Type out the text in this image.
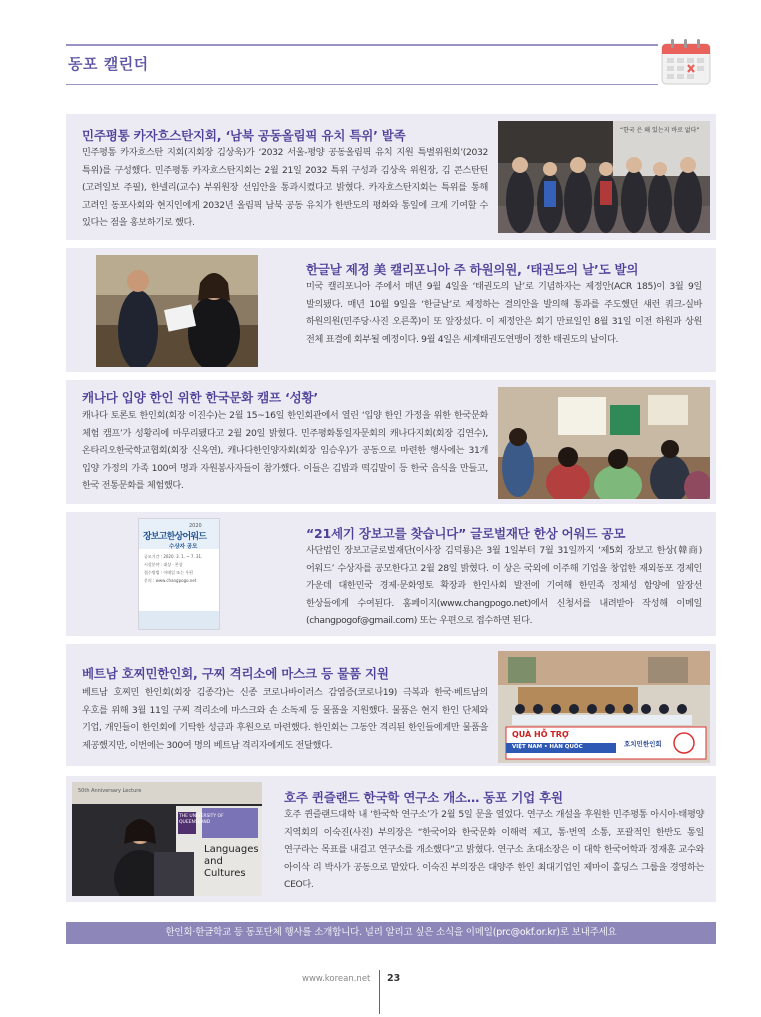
동포 캘린더
민주평통 카자흐스탄지회, ‘남북 공동올림픽 유치 특위’ 발족
민주평통 카자흐스탄 지회(지회장 김상욱)가 ‘2032 서울-평양 공동올림픽 유치 지원 특별위원회’(2032 특위)를 구성했다. 민주평통 카자흐스탄지회는 2월 21일 2032 특위 구성과 김상욱 위원장, 김 콘스탄틴(고려일보 주필), 한넬리(교수) 부위원장 선임안을 통과시켰다고 밝혔다. 카자흐스탄지회는 특위를 통해 고려인 동포사회와 현지인에게 2032년 올림픽 남북 공동 유치가 한반도의 평화와 통일에 크게 기여할 수 있다는 점을 홍보하기로 했다.
“한국 은 왜 있는지 바로 없다”
한글날 제정 美 캘리포니아 주 하원의원, ‘태권도의 날’도 발의
미국 캘리포니아 주에서 매년 9월 4일을 ‘태권도의 날’로 기념하자는 제정안(ACR 185)이 3월 9일 발의됐다. 매년 10월 9일을 ‘한글날’로 제정하는 결의안을 발의해 통과를 주도했던 섀런 쿼크-실바 하원의원(민주당·사진 오른쪽)이 또 앞장섰다. 이 제정안은 회기 만료일인 8월 31일 이전 하원과 상원 전체 표결에 회부될 예정이다. 9월 4일은 세계태권도연맹이 정한 태권도의 날이다.
캐나다 입양 한인 위한 한국문화 캠프 ‘성황’
캐나다 토론토 한인회(회장 이진수)는 2월 15~16일 한인회관에서 열린 ‘입양 한인 가정을 위한 한국문화 체험 캠프’가 성황리에 마무리됐다고 2월 20일 밝혔다. 민주평화통일자문회의 캐나다지회(회장 김연수), 온타리오한국학교협회(회장 신옥연), 캐나다한인양자회(회장 임승우)가 공동으로 마련한 행사에는 31개 입양 가정의 가족 100여 명과 자원봉사자들이 참가했다. 이들은 김밥과 떡김말이 등 한국 음식을 만들고, 한국 전통문화를 체험했다.
2020
장보고한상어워드
수상자 공모
공모기간 : 2020. 3. 1. ~ 7. 31.
시상분야 : 대상 · 본상
접수방법 : 이메일 또는 우편
문의 : www.changpogo.net
“21세기 장보고를 찾습니다” 글로벌재단 한상 어워드 공모
사단법인 장보고글로벌재단(이사장 김덕룡)은 3월 1일부터 7월 31일까지 ‘제5회 장보고 한상(韓商) 어워드’ 수상자를 공모한다고 2월 28일 밝혔다. 이 상은 국외에 이주해 기업을 창업한 재외동포 경제인 가운데 대한민국 경제·문화영토 확장과 한인사회 발전에 기여해 한민족 정체성 함양에 앞장선 한상들에게 수여된다. 홈페이지(www.changpogo.net)에서 신청서를 내려받아 작성해 이메일(changpogof@gmail.com) 또는 우편으로 접수하면 된다.
베트남 호찌민한인회, 구찌 격리소에 마스크 등 물품 지원
베트남 호찌민 한인회(회장 김종각)는 신종 코로나바이러스 감염증(코로나19) 극복과 한국·베트남의 우호를 위해 3월 11일 구찌 격리소에 마스크와 손 소독제 등 물품을 지원했다. 물품은 현지 한인 단체와 기업, 개인들이 한인회에 기탁한 성금과 후원으로 마련했다. 한인회는 그동안 격리된 한인들에게만 물품을 제공했지만, 이번에는 300여 명의 베트남 격리자에게도 전달했다.
QUÀ HỖ TRỢ
VIỆT NAM • HÀN QUỐC	호치민한인회
50th Anniversary Lecture
THE UNIVERSITY OF QUEENSLAND
Languages and Cultures
호주 퀸즐랜드 한국학 연구소 개소… 동포 기업 후원
호주 퀸즐랜드대학 내 ‘한국학 연구소’가 2월 5일 문을 열었다. 연구소 개설을 후원한 민주평통 아시아·태평양 지역회의 이숙진(사진) 부의장은 “한국어와 한국문화 이해력 제고, 통·번역 소통, 포괄적인 한반도 통일 연구라는 목표를 내걸고 연구소를 개소했다”고 밝혔다. 연구소 초대소장은 이 대학 한국어학과 정재훈 교수와 아이삭 리 박사가 공동으로 맡았다. 이숙진 부의장은 대양주 한인 최대기업인 제마이 홀딩스 그룹을 경영하는 CEO다.
한인회·한글학교 등 동포단체 행사를 소개합니다. 널리 알리고 싶은 소식을 이메일(prc@okf.or.kr)로 보내주세요
www.korean.net 23
